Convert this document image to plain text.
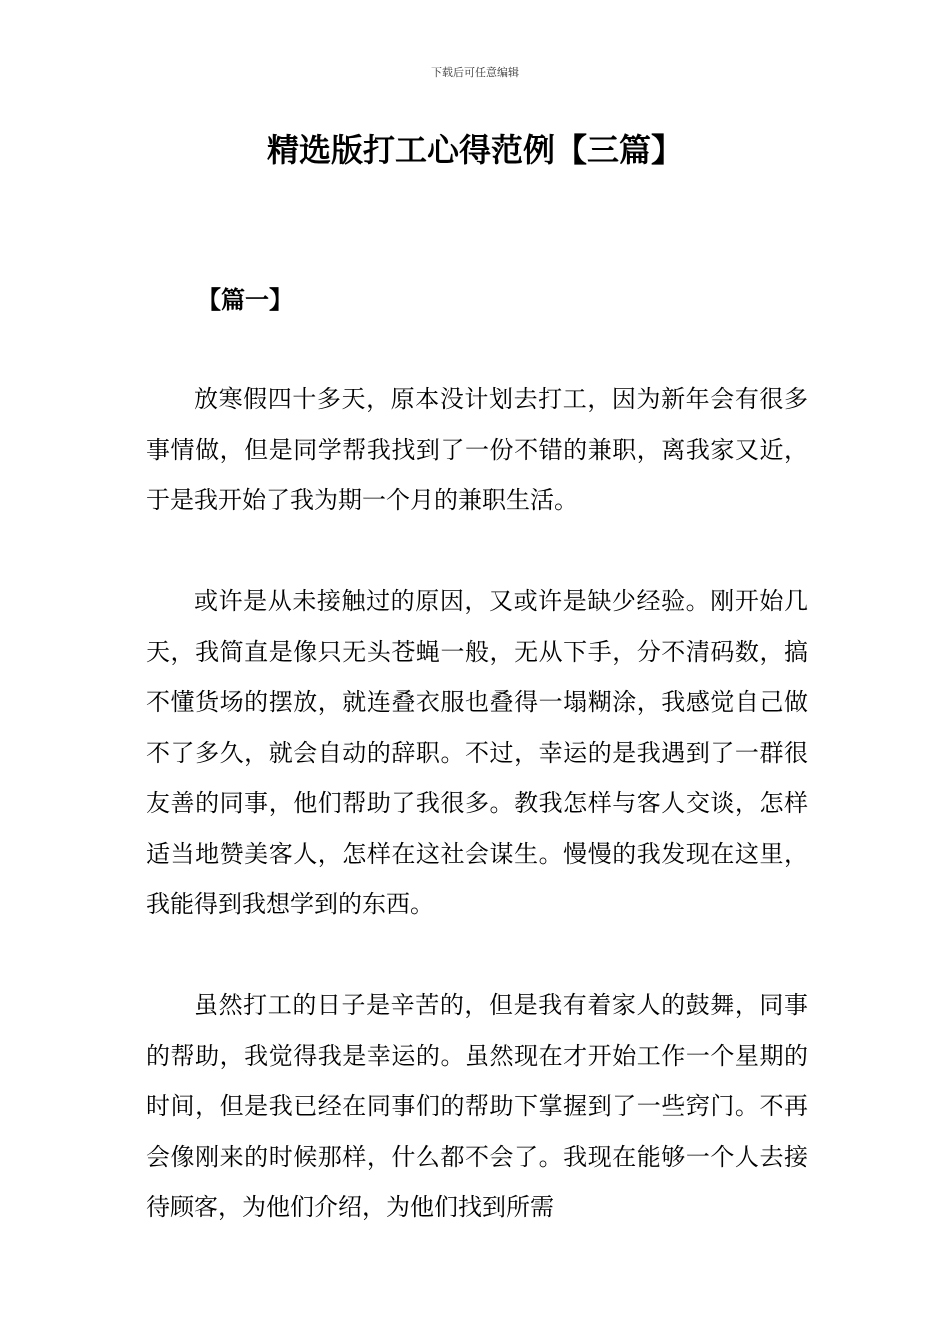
下载后可任意编辑
精选版打工心得范例【三篇】
【篇一】

放寒假四十多天，原本没计划去打工，因为新年会有很多事情做，但是同学帮我找到了一份不错的兼职，离我家又近，于是我开始了我为期一个月的兼职生活。

或许是从未接触过的原因，又或许是缺少经验。刚开始几天，我简直是像只无头苍蝇一般，无从下手，分不清码数，搞不懂货场的摆放，就连叠衣服也叠得一塌糊涂，我感觉自己做不了多久，就会自动的辞职。不过，幸运的是我遇到了一群很友善的同事，他们帮助了我很多。教我怎样与客人交谈，怎样适当地赞美客人，怎样在这社会谋生。慢慢的我发现在这里，我能得到我想学到的东西。

虽然打工的日子是辛苦的，但是我有着家人的鼓舞，同事的帮助，我觉得我是幸运的。虽然现在才开始工作一个星期的时间，但是我已经在同事们的帮助下掌握到了一些窍门。不再会像刚来的时候那样，什么都不会了。我现在能够一个人去接待顾客，为他们介绍，为他们找到所需
